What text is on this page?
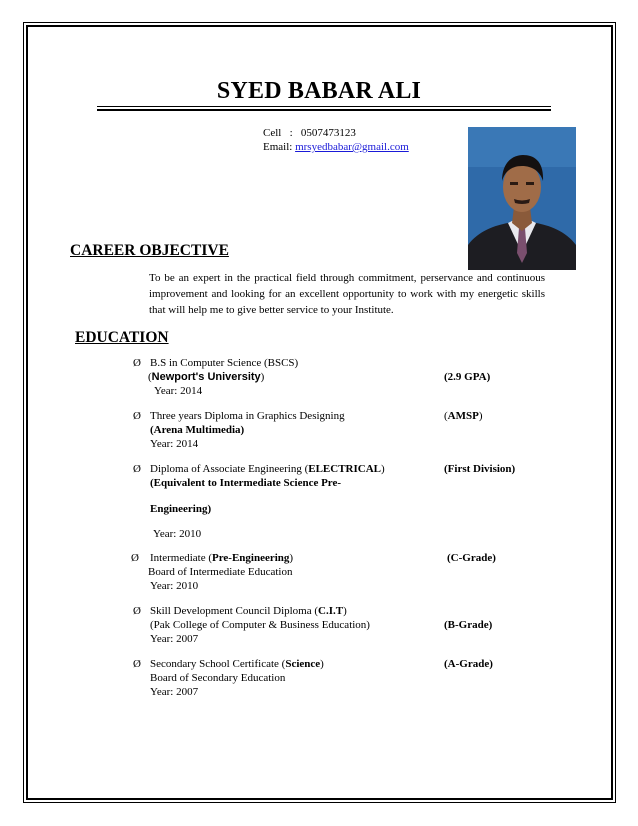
SYED BABAR ALI
Cell : 0507473123
Email: mrsyedbabar@gmail.com
CAREER OBJECTIVE
To be an expert in the practical field through commitment, perservance and continuous improvement and looking for an excellent opportunity to work with my energetic skills that will help me to give better service to your Institute.
EDUCATION
Ø B.S in Computer Science (BSCS)
(Newport's University)
Year: 2014
(2.9 GPA)
Ø Three years Diploma in Graphics Designing
(Arena Multimedia)
Year: 2014
(AMSP)
Ø Diploma of Associate Engineering (ELECTRICAL)
(Equivalent to Intermediate Science Pre-
Engineering)
Year: 2010
(First Division)
Ø Intermediate (Pre-Engineering)
Board of Intermediate Education
Year: 2010
(C-Grade)
Ø Skill Development Council Diploma (C.I.T)
(Pak College of Computer & Business Education)
Year: 2007
(B-Grade)
Ø Secondary School Certificate (Science)
Board of Secondary Education
Year: 2007
(A-Grade)
